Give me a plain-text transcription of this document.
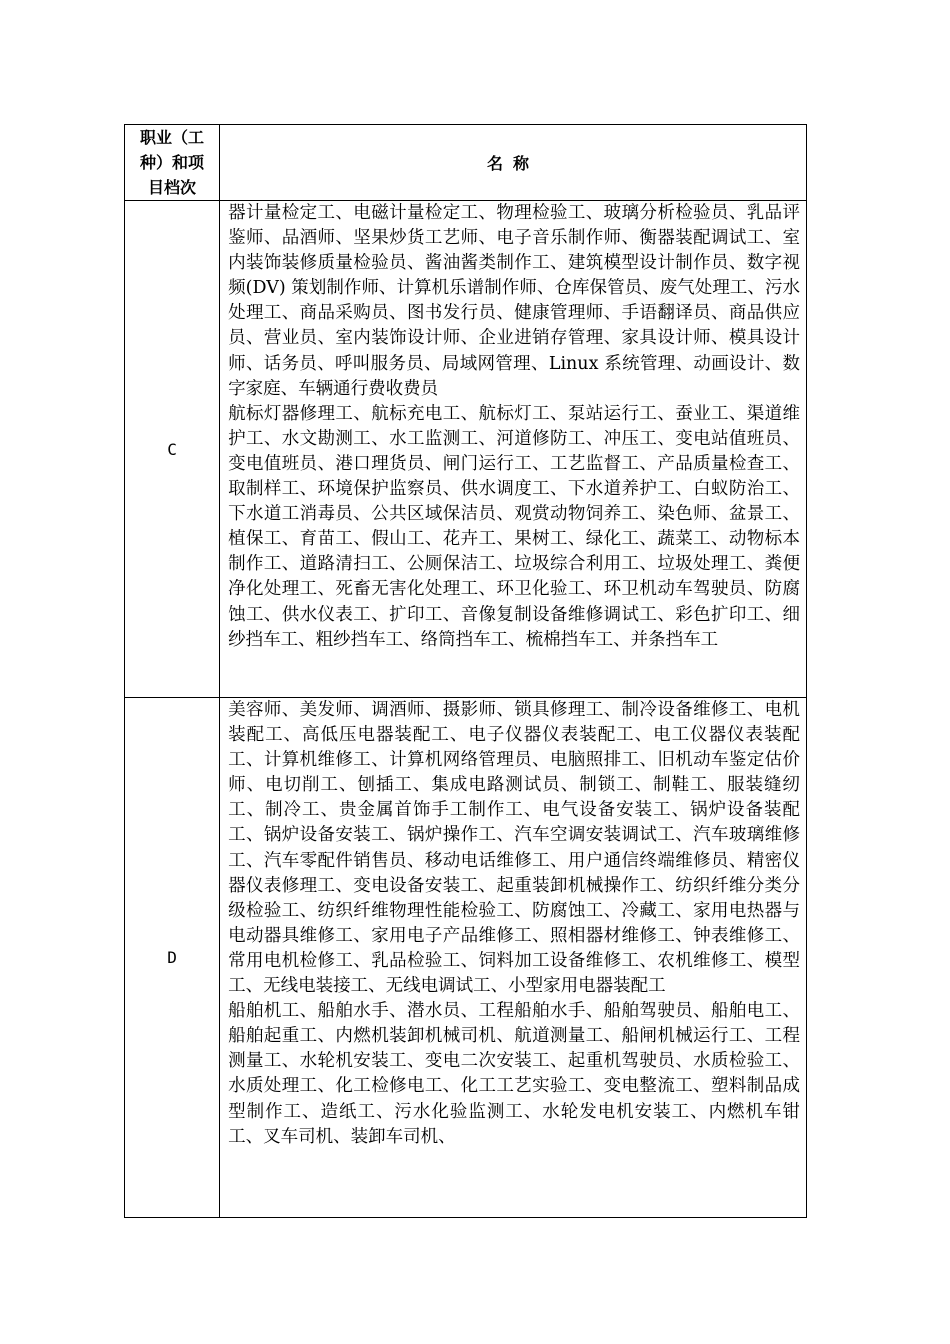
职业（工
种）和项
目档次	名称
C	器计量检定工、电磁计量检定工、物理检验工、玻璃分析检验员、乳品评鉴师、品酒师、坚果炒货工艺师、电子音乐制作师、衡器装配调试工、室内装饰装修质量检验员、酱油酱类制作工、建筑模型设计制作员、数字视频(DV) 策划制作师、计算机乐谱制作师、仓库保管员、废气处理工、污水处理工、商品采购员、图书发行员、健康管理师、手语翻译员、商品供应员、营业员、室内装饰设计师、企业进销存管理、家具设计师、模具设计师、话务员、呼叫服务员、局域网管理、Linux 系统管理、动画设计、数字家庭、车辆通行费收费员

航标灯器修理工、航标充电工、航标灯工、泵站运行工、蚕业工、渠道维护工、水文勘测工、水工监测工、河道修防工、冲压工、变电站值班员、变电值班员、港口理货员、闸门运行工、工艺监督工、产品质量检查工、取制样工、环境保护监察员、供水调度工、下水道养护工、白蚁防治工、下水道工消毒员、公共区域保洁员、观赏动物饲养工、染色师、盆景工、植保工、育苗工、假山工、花卉工、果树工、绿化工、蔬菜工、动物标本制作工、道路清扫工、公厕保洁工、垃圾综合利用工、垃圾处理工、粪便净化处理工、死畜无害化处理工、环卫化验工、环卫机动车驾驶员、防腐蚀工、供水仪表工、扩印工、音像复制设备维修调试工、彩色扩印工、细纱挡车工、粗纱挡车工、络筒挡车工、梳棉挡车工、并条挡车工

D	美容师、美发师、调酒师、摄影师、锁具修理工、制冷设备维修工、电机装配工、高低压电器装配工、电子仪器仪表装配工、电工仪器仪表装配工、计算机维修工、计算机网络管理员、电脑照排工、旧机动车鉴定估价师、电切削工、刨插工、集成电路测试员、制锁工、制鞋工、服装缝纫工、制冷工、贵金属首饰手工制作工、电气设备安装工、锅炉设备装配工、锅炉设备安装工、锅炉操作工、汽车空调安装调试工、汽车玻璃维修工、汽车零配件销售员、移动电话维修工、用户通信终端维修员、精密仪器仪表修理工、变电设备安装工、起重装卸机械操作工、纺织纤维分类分级检验工、纺织纤维物理性能检验工、防腐蚀工、冷藏工、家用电热器与电动器具维修工、家用电子产品维修工、照相器材维修工、钟表维修工、常用电机检修工、乳品检验工、饲料加工设备维修工、农机维修工、模型工、无线电装接工、无线电调试工、小型家用电器装配工

船舶机工、船舶水手、潜水员、工程船舶水手、船舶驾驶员、船舶电工、船舶起重工、内燃机装卸机械司机、航道测量工、船闸机械运行工、工程测量工、水轮机安装工、变电二次安装工、起重机驾驶员、水质检验工、水质处理工、化工检修电工、化工工艺实验工、变电整流工、塑料制品成型制作工、造纸工、污水化验监测工、水轮发电机安装工、内燃机车钳工、叉车司机、装卸车司机、
